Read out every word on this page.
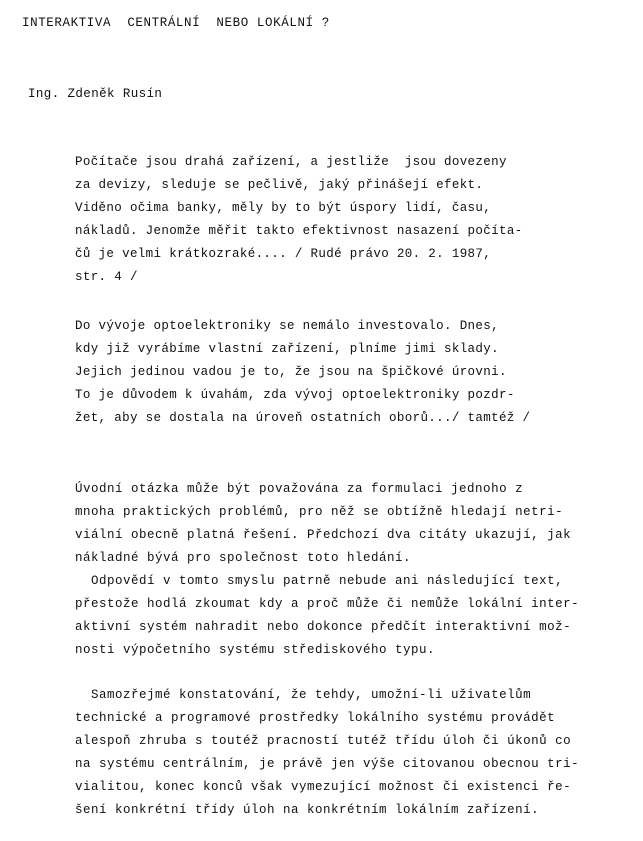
INTERAKTIVA  CENTRÁLNÍ  NEBO LOKÁLNÍ ?
Ing. Zdeněk Rusín
Počítače jsou drahá zařízení, a jestliže  jsou dovezeny
za devizy, sleduje se pečlivě, jaký přinášejí efekt.
Viděno očima banky, měly by to být úspory lidí, času,
nákladů. Jenomže měřit takto efektivnost nasazení počíta-
čů je velmi krátkozraké.... / Rudé právo 20. 2. 1987,
str. 4 /
Do vývoje optoelektroniky se nemálo investovalo. Dnes,
kdy již vyrábíme vlastní zařízení, plníme jimi sklady.
Jejich jedinou vadou je to, že jsou na špičkové úrovni.
To je důvodem k úvahám, zda vývoj optoelektroniky pozdr-
žet, aby se dostala na úroveň ostatních oborů.../ tamtéž /
Úvodní otázka může být považována za formulaci jednoho z
mnoha praktických problémů, pro něž se obtížně hledají netri-
viální obecně platná řešení. Předchozí dva citáty ukazují, jak
nákladné bývá pro společnost toto hledání.
Odpovědí v tomto smyslu patrně nebude ani následující text,
přestože hodlá zkoumat kdy a proč může či nemůže lokální inter-
aktivní systém nahradit nebo dokonce předčít interaktivní mož-
nosti výpočetního systému střediskového typu.
Samozřejmé konstatování, že tehdy, umožní-li uživatelům
technické a programové prostředky lokálního systému provádět
alespoň zhruba s toutéž pracností tutéž třídu úloh či úkonů co
na systému centrálním, je právě jen výše citovanou obecnou tri-
vialitou, konec konců však vymezující možnost či existenci ře-
šení konkrétní třídy úloh na konkrétním lokálním zařízení.
